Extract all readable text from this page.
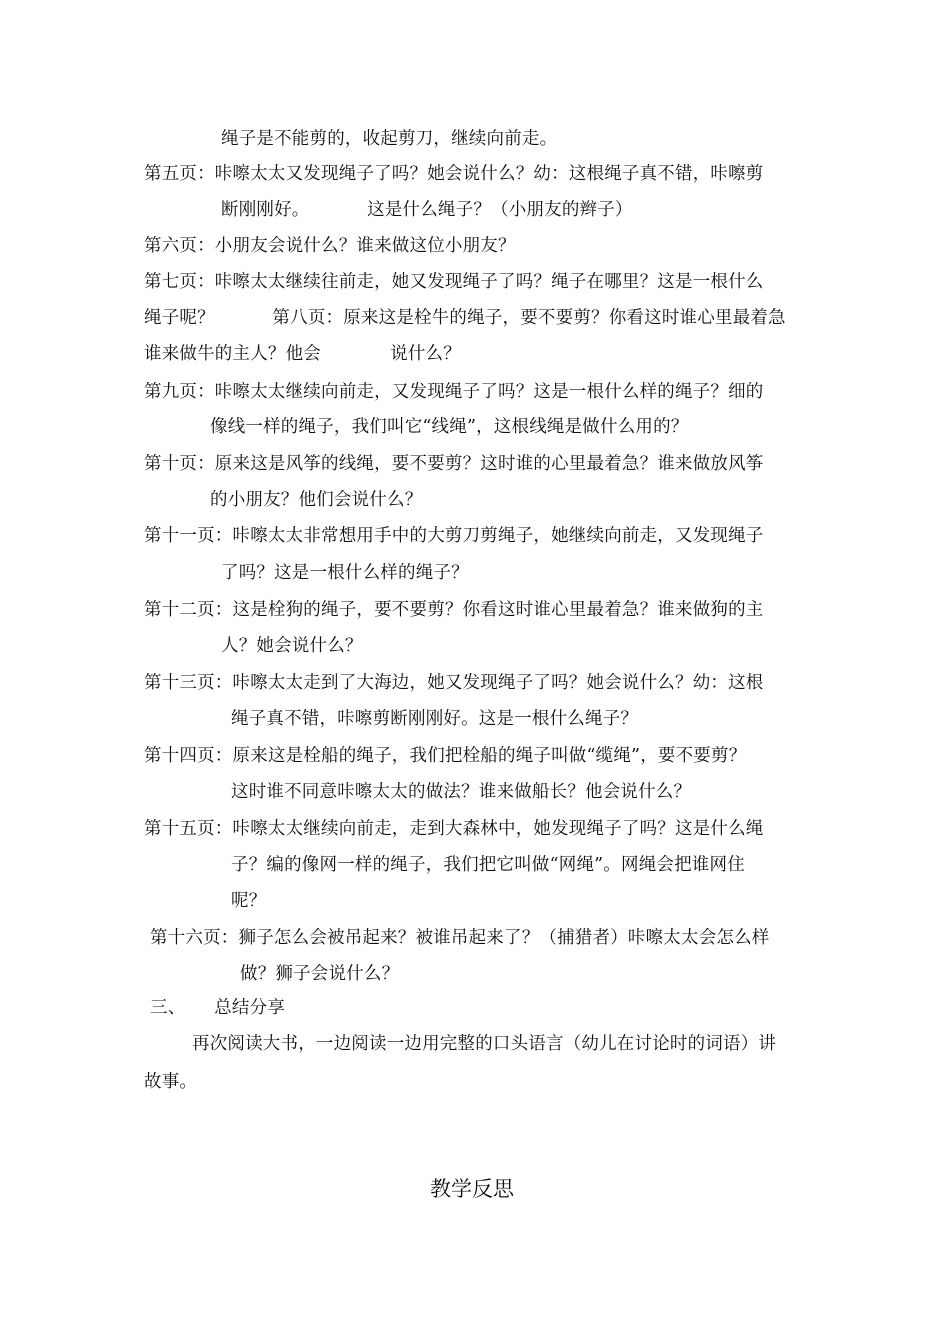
绳子是不能剪的，收起剪刀，继续向前走。
第五页：咔嚓太太又发现绳子了吗？她会说什么？幼：这根绳子真不错，咔嚓剪
断刚刚好。          这是什么绳子？（小朋友的辫子）
第六页：小朋友会说什么？谁来做这位小朋友？
第七页：咔嚓太太继续往前走，她又发现绳子了吗？绳子在哪里？这是一根什么
绳子呢？          第八页：原来这是栓牛的绳子，要不要剪？你看这时谁心里最着急
谁来做牛的主人？他会            说什么？
第九页：咔嚓太太继续向前走，又发现绳子了吗？这是一根什么样的绳子？细的
像线一样的绳子，我们叫它“线绳”，这根线绳是做什么用的？
第十页：原来这是风筝的线绳，要不要剪？这时谁的心里最着急？谁来做放风筝
的小朋友？他们会说什么？
第十一页：咔嚓太太非常想用手中的大剪刀剪绳子，她继续向前走，又发现绳子
了吗？这是一根什么样的绳子？
第十二页：这是栓狗的绳子，要不要剪？你看这时谁心里最着急？谁来做狗的主
人？她会说什么？
第十三页：咔嚓太太走到了大海边，她又发现绳子了吗？她会说什么？幼：这根
绳子真不错，咔嚓剪断刚刚好。这是一根什么绳子？
第十四页：原来这是栓船的绳子，我们把栓船的绳子叫做“缆绳”，要不要剪？
这时谁不同意咔嚓太太的做法？谁来做船长？他会说什么？
第十五页：咔嚓太太继续向前走，走到大森林中，她发现绳子了吗？这是什么绳
子？编的像网一样的绳子，我们把它叫做“网绳”。网绳会把谁网住
呢？
第十六页：狮子怎么会被吊起来？被谁吊起来了？（捕猎者）咔嚓太太会怎么样
做？狮子会说什么？
三、     总结分享
再次阅读大书，一边阅读一边用完整的口头语言（幼儿在讨论时的词语）讲
故事。
教学反思
